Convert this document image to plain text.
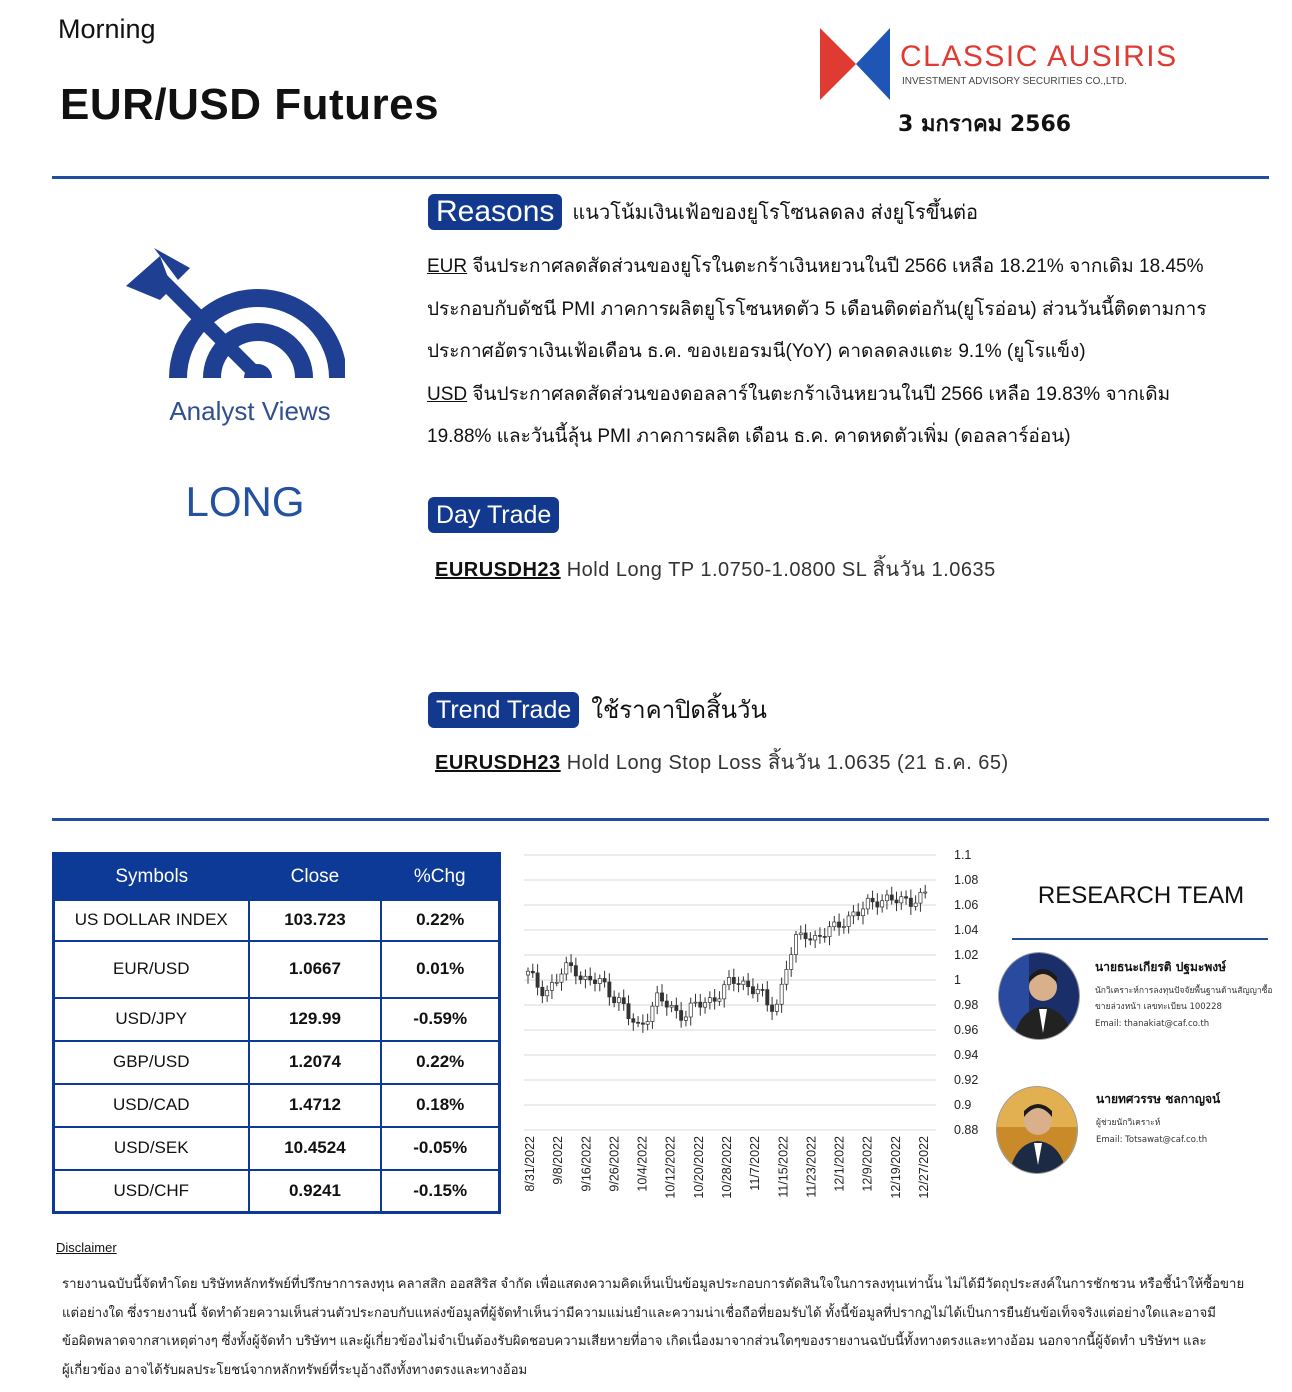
Morning
EUR/USD Futures
CLASSIC AUSIRIS
INVESTMENT ADVISORY SECURITIES CO.,LTD.
3 มกราคม 2566
Analyst Views
LONG
Reasons แนวโน้มเงินเฟ้อของยูโรโซนลดลง ส่งยูโรขึ้นต่อ
EUR จีนประกาศลดสัดส่วนของยูโรในตะกร้าเงินหยวนในปี 2566 เหลือ 18.21% จากเดิม 18.45%
ประกอบกับดัชนี PMI ภาคการผลิตยูโรโซนหดตัว 5 เดือนติดต่อกัน(ยูโรอ่อน) ส่วนวันนี้ติดตามการ
ประกาศอัตราเงินเฟ้อเดือน ธ.ค. ของเยอรมนี(YoY) คาดลดลงแตะ 9.1% (ยูโรแข็ง)
USD จีนประกาศลดสัดส่วนของดอลลาร์ในตะกร้าเงินหยวนในปี 2566 เหลือ 19.83% จากเดิม
19.88% และวันนี้ลุ้น PMI ภาคการผลิต เดือน ธ.ค. คาดหดตัวเพิ่ม (ดอลลาร์อ่อน)
Day Trade
EURUSDH23 Hold Long TP 1.0750-1.0800 SL สิ้นวัน 1.0635
Trend Trade ใช้ราคาปิดสิ้นวัน
EURUSDH23 Hold Long Stop Loss สิ้นวัน 1.0635 (21 ธ.ค. 65)
Symbols	Close	%Chg
US DOLLAR INDEX	103.723	0.22%
EUR/USD	1.0667	0.01%
USD/JPY	129.99	-0.59%
GBP/USD	1.2074	0.22%
USD/CAD	1.4712	0.18%
USD/SEK	10.4524	-0.05%
USD/CHF	0.9241	-0.15%
1.1
1.08
1.06
1.04
1.02
1
0.98
0.96
0.94
0.92
0.9
0.88
8/31/2022 9/8/2022 9/16/2022 9/26/2022 10/4/2022 10/12/2022 10/20/2022 10/28/2022 11/7/2022 11/15/2022 11/23/2022 12/1/2022 12/9/2022 12/19/2022 12/27/2022
RESEARCH TEAM
นายธนะเกียรติ ปฐมะพงษ์
นักวิเคราะห์การลงทุนปัจจัยพื้นฐานด้านสัญญาซื้อ
ขายล่วงหน้า เลขทะเบียน 100228
Email: thanakiat@caf.co.th
นายทศวรรษ ชลกาญจน์
ผู้ช่วยนักวิเคราะห์
Email: Totsawat@caf.co.th
Disclaimer
รายงานฉบับนี้จัดทำโดย บริษัทหลักทรัพย์ที่ปรึกษาการลงทุน คลาสสิก ออสสิริส จำกัด เพื่อแสดงความคิดเห็นเป็นข้อมูลประกอบการตัดสินใจในการลงทุนเท่านั้น ไม่ได้มีวัตถุประสงค์ในการชักชวน หรือชี้นำให้ซื้อขาย
แต่อย่างใด ซึ่งรายงานนี้ จัดทำด้วยความเห็นส่วนตัวประกอบกับแหล่งข้อมูลที่ผู้จัดทำเห็นว่ามีความแม่นยำและความน่าเชื่อถือที่ยอมรับได้ ทั้งนี้ข้อมูลที่ปรากฏไม่ได้เป็นการยืนยันข้อเท็จจริงแต่อย่างใดและอาจมี
ข้อผิดพลาดจากสาเหตุต่างๆ ซึ่งทั้งผู้จัดทำ บริษัทฯ และผู้เกี่ยวข้องไม่จำเป็นต้องรับผิดชอบความเสียหายที่อาจ เกิดเนื่องมาจากส่วนใดๆของรายงานฉบับนี้ทั้งทางตรงและทางอ้อม นอกจากนี้ผู้จัดทำ บริษัทฯ และ
ผู้เกี่ยวข้อง อาจได้รับผลประโยชน์จากหลักทรัพย์ที่ระบุอ้างถึงทั้งทางตรงและทางอ้อม
